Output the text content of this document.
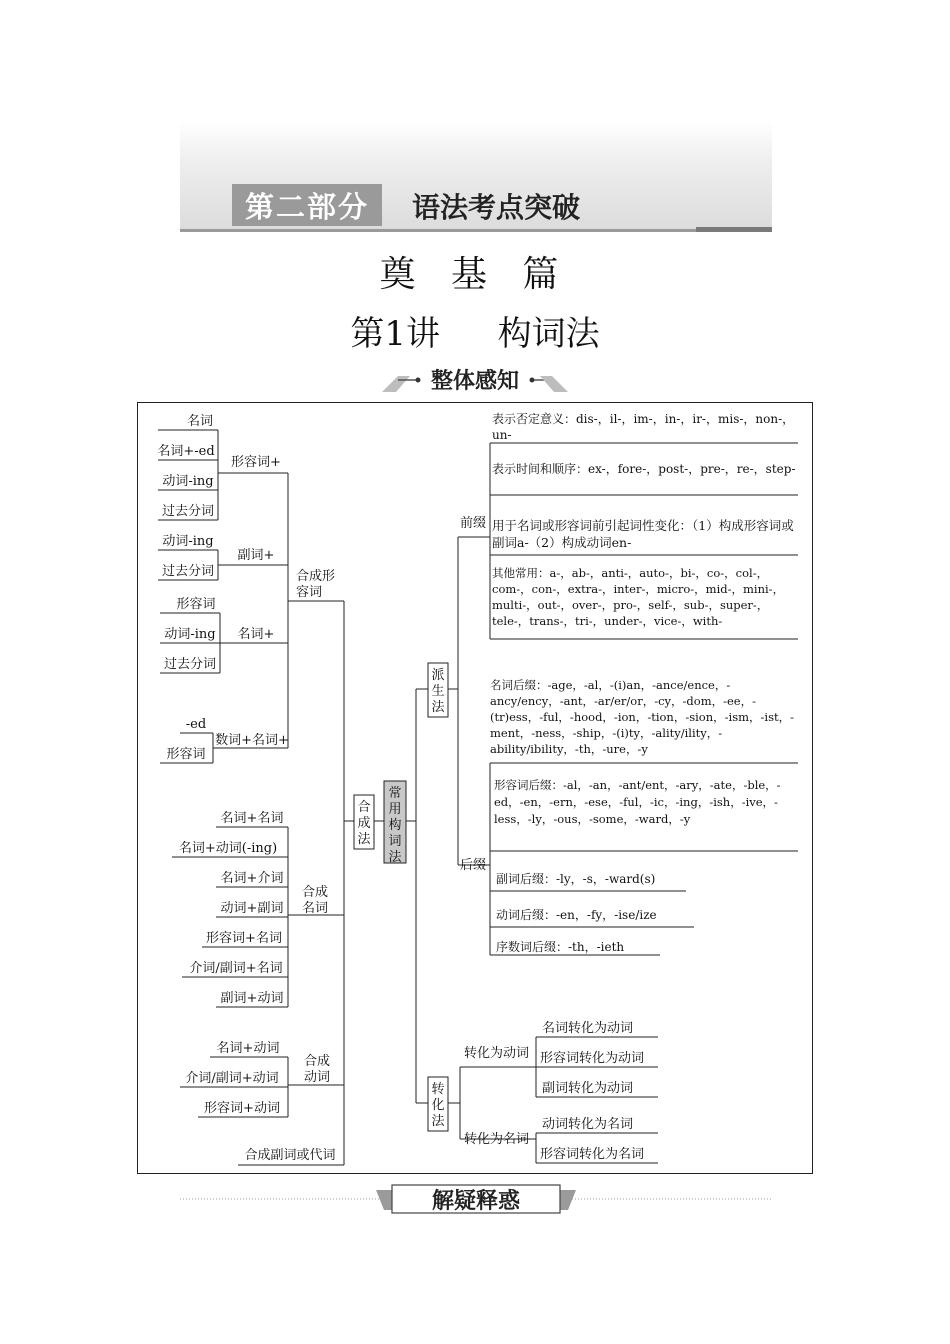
第二部分	语法考点突破
奠 基 篇
第1讲 构词法
整体感知
名词
名词+-ed
动词-ing
过去分词
形容词+
动词-ing
过去分词
副词+
形容词
动词-ing
过去分词
名词+
-ed
形容词
数词+名词+
合成形
容词
名词+名词
名词+动词(-ing)
名词+介词
动词+副词
形容词+名词
介词/副词+名词
副词+动词
合成
名词
名词+动词
介词/副词+动词
形容词+动词
合成
动词
合成副词或代词
合
成
法
常
用
构
词
法
派
生
法
转
化
法
前缀
后缀
表示否定意义：dis-，il-，im-，in-，ir-，mis-，non-，un-
表示时间和顺序：ex-，fore-，post-，pre-，re-，step-
用于名词或形容词前引起词性变化：（1）构成形容词或副词a-（2）构成动词en-
其他常用：a-，ab-，anti-，auto-，bi-，co-，col-，com-，con-，extra-，inter-，micro-，mid-，mini-，multi-，out-，over-，pro-，self-，sub-，super-，tele-，trans-，tri-，under-，vice-，with-
名词后缀：-age，-al，-(i)an，-ance/ence，-ancy/ency，-ant，-ar/er/or，-cy，-dom，-ee，-(tr)ess，-ful，-hood，-ion，-tion，-sion，-ism，-ist，-ment，-ness，-ship，-(i)ty，-ality/ility，-ability/ibility，-th，-ure，-y
形容词后缀：-al，-an，-ant/ent，-ary，-ate，-ble，-ed，-en，-ern，-ese，-ful，-ic，-ing，-ish，-ive，-less，-ly，-ous，-some，-ward，-y
副词后缀：-ly，-s，-ward(s)
动词后缀：-en，-fy，-ise/ize
序数词后缀：-th，-ieth
转化为动词
转化为名词
名词转化为动词
形容词转化为动词
副词转化为动词
动词转化为名词
形容词转化为名词
解疑释惑
